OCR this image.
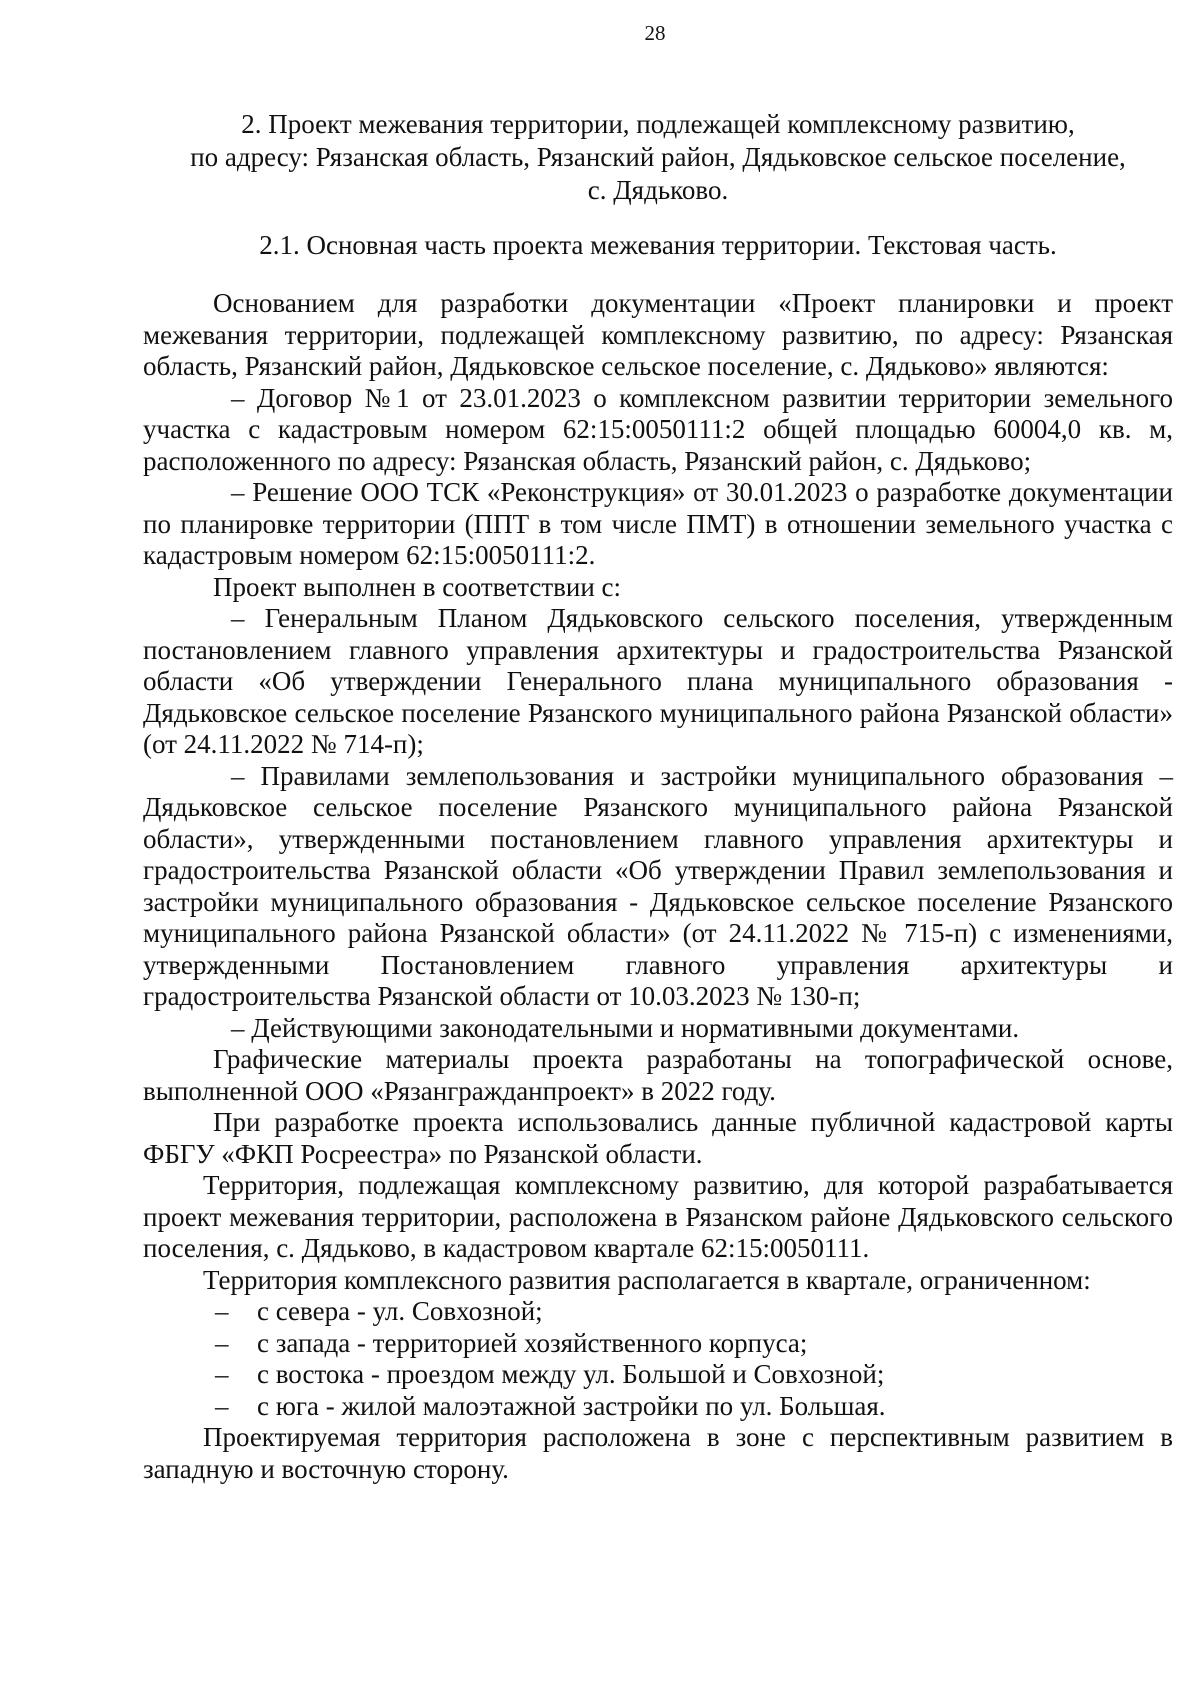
28
2. Проект межевания территории, подлежащей комплексному развитию,
по адресу: Рязанская область, Рязанский район, Дядьковское сельское поселение,
с. Дядьково.
2.1. Основная часть проекта межевания территории. Текстовая часть.

Основанием для разработки документации «Проект планировки и проект межевания территории, подлежащей комплексному развитию, по адресу: Рязанская область, Рязанский район, Дядьковское сельское поселение, с. Дядьково» являются:

– Договор №1 от 23.01.2023 о комплексном развитии территории земельного участка с кадастровым номером 62:15:0050111:2 общей площадью 60004,0 кв. м, расположенного по адресу: Рязанская область, Рязанский район, с. Дядьково;

– Решение ООО ТСК «Реконструкция» от 30.01.2023 о разработке документации по планировке территории (ППТ в том числе ПМТ) в отношении земельного участка с кадастровым номером 62:15:0050111:2.

Проект выполнен в соответствии с:

– Генеральным Планом Дядьковского сельского поселения, утвержденным постановлением главного управления архитектуры и градостроительства Рязанской области «Об утверждении Генерального плана муниципального образования - Дядьковское сельское поселение Рязанского муниципального района Рязанской области» (от 24.11.2022 № 714-п);

– Правилами землепользования и застройки муниципального образования – Дядьковское сельское поселение Рязанского муниципального района Рязанской области», утвержденными постановлением главного управления архитектуры и градостроительства Рязанской области «Об утверждении Правил землепользования и застройки муниципального образования - Дядьковское сельское поселение Рязанского муниципального района Рязанской области» (от 24.11.2022 № 715-п) с изменениями, утвержденными Постановлением главного управления архитектуры и градостроительства Рязанской области от 10.03.2023 № 130-п;

– Действующими законодательными и нормативными документами.

Графические материалы проекта разработаны на топографической основе, выполненной ООО «Рязангражданпроект» в 2022 году.

При разработке проекта использовались данные публичной кадастровой карты ФБГУ «ФКП Росреестра» по Рязанской области.

Территория, подлежащая комплексному развитию, для которой разрабатывается проект межевания территории, расположена в Рязанском районе Дядьковского сельского поселения, с. Дядьково, в кадастровом квартале 62:15:0050111.

Территория комплексного развития располагается в квартале, ограниченном:

– с севера - ул. Совхозной;

– с запада - территорией хозяйственного корпуса;

– с востока - проездом между ул. Большой и Совхозной;

– с юга - жилой малоэтажной застройки по ул. Большая.

Проектируемая территория расположена в зоне с перспективным развитием в западную и восточную сторону.
